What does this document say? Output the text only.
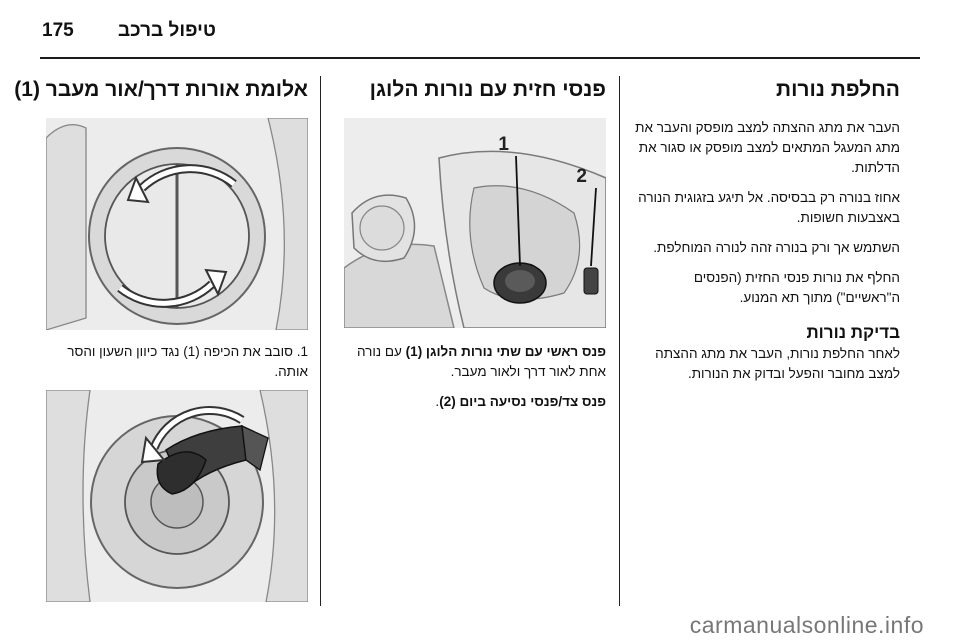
175 טיפול ברכב
החלפת נורות

העבר את מתג ההצתה למצב מופסק והעבר את מתג המעגל המתאים למצב מופסק או סגור את הדלתות.

אחוז בנורה רק בבסיסה. אל תיגע בזגוגית הנורה באצבעות חשופות.

השתמש אך ורק בנורה זהה לנורה המוחלפת.

החלף את נורות פנסי החזית (הפנסים ה"ראשיים") מתוך תא המנוע.

בדיקת נורות

לאחר החלפת נורות, העבר את מתג ההצתה למצב מחובר והפעל ובדוק את הנורות.

פנסי חזית עם נורות הלוגן
1
2

פנס ראשי עם שתי נורות הלוגן (1) עם נורה אחת לאור דרך ולאור מעבר.

פנס צד/פנסי נסיעה ביום (2).

אלומת אורות דרך/אור מעבר (1)

1. סובב את הכיפה (1) נגד כיוון השעון והסר אותה.

carmanualsonline.info
